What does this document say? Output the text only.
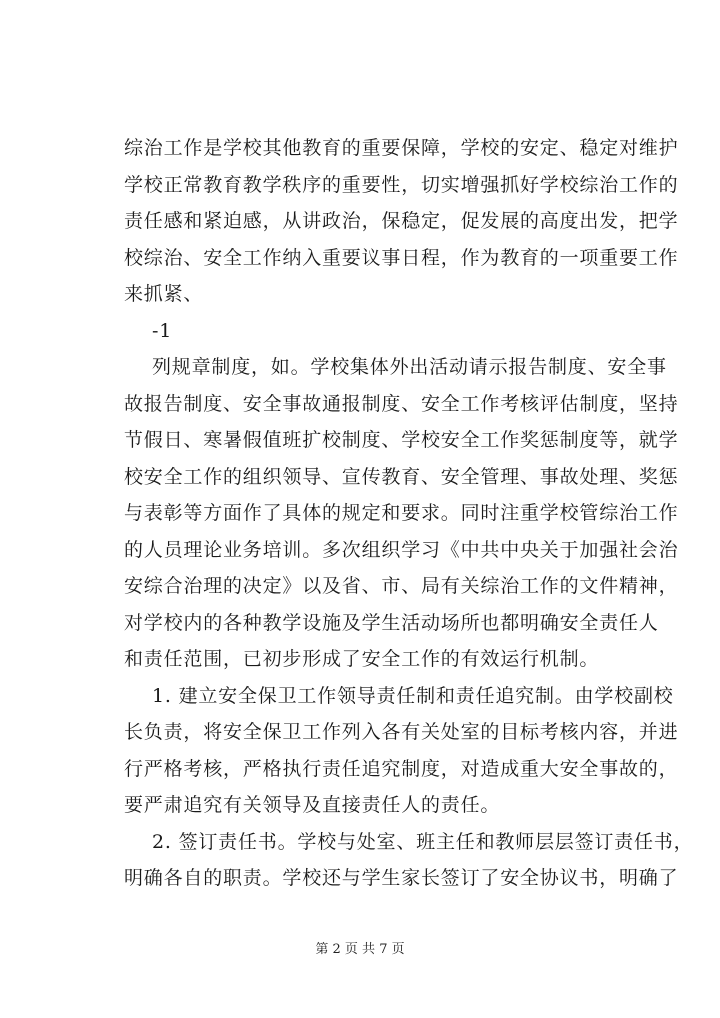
综治工作是学校其他教育的重要保障，学校的安定、稳定对维护
学校正常教育教学秩序的重要性，切实增强抓好学校综治工作的
责任感和紧迫感，从讲政治，保稳定，促发展的高度出发，把学
校综治、安全工作纳入重要议事日程，作为教育的一项重要工作
来抓紧、
-1
列规章制度，如。学校集体外出活动请示报告制度、安全事
故报告制度、安全事故通报制度、安全工作考核评估制度，坚持
节假日、寒暑假值班扩校制度、学校安全工作奖惩制度等，就学
校安全工作的组织领导、宣传教育、安全管理、事故处理、奖惩
与表彰等方面作了具体的规定和要求。同时注重学校管综治工作
的人员理论业务培训。多次组织学习《中共中央关于加强社会治
安综合治理的决定》以及省、市、局有关综治工作的文件精神，
对学校内的各种教学设施及学生活动场所也都明确安全责任人
和责任范围，已初步形成了安全工作的有效运行机制。
1. 建立安全保卫工作领导责任制和责任追究制。由学校副校
长负责，将安全保卫工作列入各有关处室的目标考核内容，并进
行严格考核，严格执行责任追究制度，对造成重大安全事故的，
要严肃追究有关领导及直接责任人的责任。
2. 签订责任书。学校与处室、班主任和教师层层签订责任书，
明确各自的职责。学校还与学生家长签订了安全协议书，明确了
第 2 页 共 7 页
